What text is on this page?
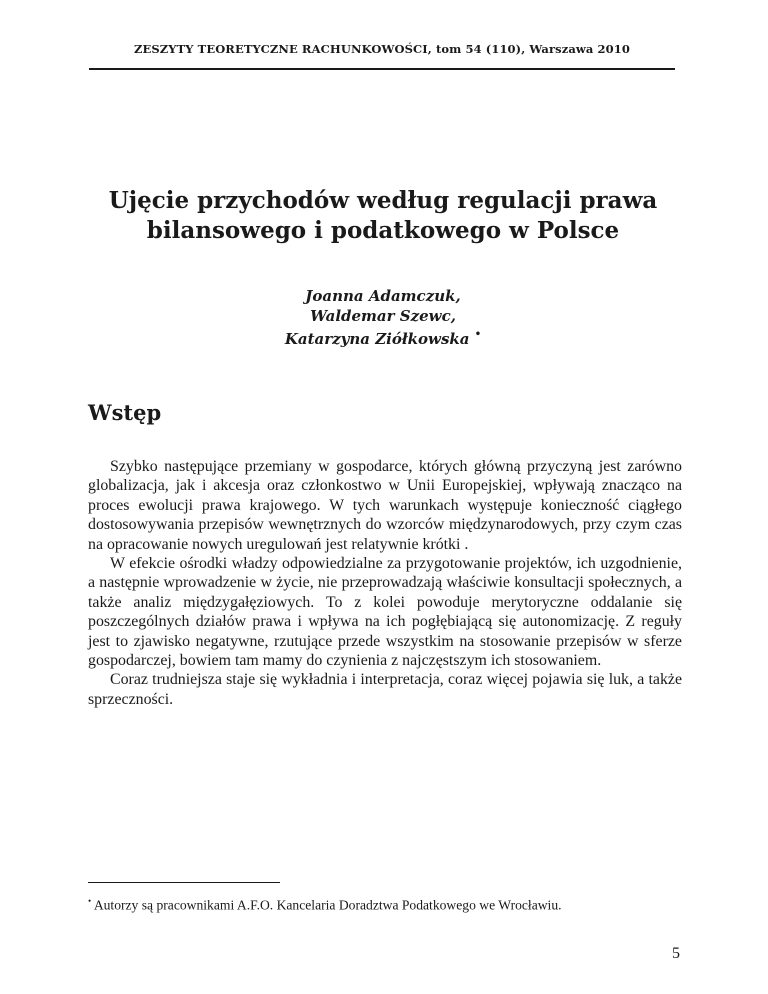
ZESZYTY TEORETYCZNE RACHUNKOWOŚCI, tom 54 (110), Warszawa 2010
Ujęcie przychodów według regulacji prawa
bilansowego i podatkowego w Polsce
Joanna Adamczuk,
Waldemar Szewc,
Katarzyna Ziółkowska •
Wstęp

Szybko następujące przemiany w gospodarce, których główną przyczyną jest zarówno globalizacja, jak i akcesja oraz członkostwo w Unii Europejskiej, wpływają znacząco na proces ewolucji prawa krajowego. W tych warunkach występuje konieczność ciągłego dostosowywania przepisów wewnętrznych do wzorców międzynarodowych, przy czym czas na opracowanie nowych uregulowań jest relatywnie krótki .

W efekcie ośrodki władzy odpowiedzialne za przygotowanie projektów, ich uzgodnienie, a następnie wprowadzenie w życie, nie przeprowadzają właściwie konsultacji społecznych, a także analiz międzygałęziowych. To z kolei powoduje merytoryczne oddalanie się poszczególnych działów prawa i wpływa na ich pogłębiającą się autonomizację. Z reguły jest to zjawisko negatywne, rzutujące przede wszystkim na stosowanie przepisów w sferze gospodarczej, bowiem tam mamy do czynienia z najczęstszym ich stosowaniem.

Coraz trudniejsza staje się wykładnia i interpretacja, coraz więcej pojawia się luk, a także sprzeczności.

• Autorzy są pracownikami A.F.O. Kancelaria Doradztwa Podatkowego we Wrocławiu.
5
